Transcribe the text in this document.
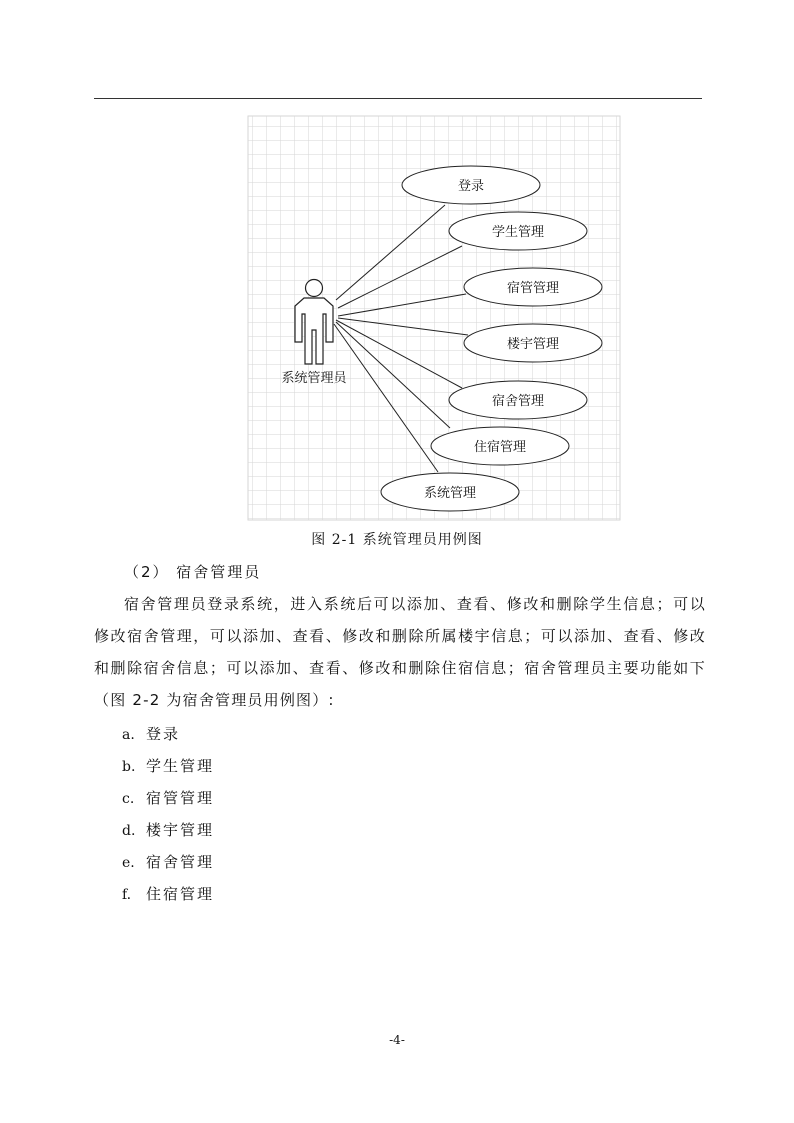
系统管理员
登录
学生管理
宿管管理
楼宇管理
宿舍管理
住宿管理
系统管理
图 2-1 系统管理员用例图
（2） 宿舍管理员
宿舍管理员登录系统，进入系统后可以添加、查看、修改和删除学生信息；可以修改宿舍管理，可以添加、查看、修改和删除所属楼宇信息；可以添加、查看、修改和删除宿舍信息；可以添加、查看、修改和删除住宿信息；宿舍管理员主要功能如下（图 2-2 为宿舍管理员用例图）:
a. 登录
b. 学生管理
c. 宿管管理
d. 楼宇管理
e. 宿舍管理
f. 住宿管理
-4-
